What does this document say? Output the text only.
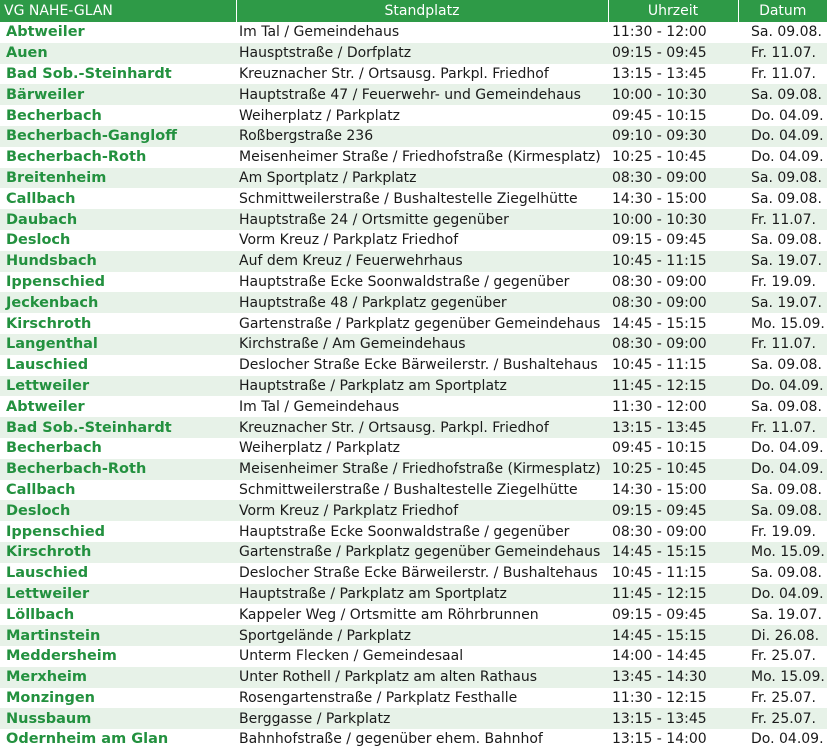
VG NAHE-GLAN	Standplatz	Uhrzeit	Datum
Abtweiler	Im Tal / Gemeindehaus	11:30 - 12:00	Sa. 09.08.
Auen	Hausptstraße / Dorfplatz	09:15 - 09:45	Fr. 11.07.
Bad Sob.-Steinhardt	Kreuznacher Str. / Ortsausg. Parkpl. Friedhof	13:15 - 13:45	Fr. 11.07.
Bärweiler	Hauptstraße 47 / Feuerwehr- und Gemeindehaus	10:00 - 10:30	Sa. 09.08.
Becherbach	Weiherplatz / Parkplatz	09:45 - 10:15	Do. 04.09.
Becherbach-Gangloff	Roßbergstraße 236	09:10 - 09:30	Do. 04.09.
Becherbach-Roth	Meisenheimer Straße / Friedhofstraße (Kirmesplatz)	10:25 - 10:45	Do. 04.09.
Breitenheim	Am Sportplatz / Parkplatz	08:30 - 09:00	Sa. 09.08.
Callbach	Schmittweilerstraße / Bushaltestelle Ziegelhütte	14:30 - 15:00	Sa. 09.08.
Daubach	Hauptstraße 24 / Ortsmitte gegenüber	10:00 - 10:30	Fr. 11.07.
Desloch	Vorm Kreuz / Parkplatz Friedhof	09:15 - 09:45	Sa. 09.08.
Hundsbach	Auf dem Kreuz / Feuerwehrhaus	10:45 - 11:15	Sa. 19.07.
Ippenschied	Hauptstraße Ecke Soonwaldstraße / gegenüber	08:30 - 09:00	Fr. 19.09.
Jeckenbach	Hauptstraße 48 / Parkplatz gegenüber	08:30 - 09:00	Sa. 19.07.
Kirschroth	Gartenstraße / Parkplatz gegenüber Gemeindehaus	14:45 - 15:15	Mo. 15.09.
Langenthal	Kirchstraße / Am Gemeindehaus	08:30 - 09:00	Fr. 11.07.
Lauschied	Deslocher Straße Ecke Bärweilerstr. / Bushaltehaus	10:45 - 11:15	Sa. 09.08.
Lettweiler	Hauptstraße / Parkplatz am Sportplatz	11:45 - 12:15	Do. 04.09.
Abtweiler	Im Tal / Gemeindehaus	11:30 - 12:00	Sa. 09.08.
Bad Sob.-Steinhardt	Kreuznacher Str. / Ortsausg. Parkpl. Friedhof	13:15 - 13:45	Fr. 11.07.
Becherbach	Weiherplatz / Parkplatz	09:45 - 10:15	Do. 04.09.
Becherbach-Roth	Meisenheimer Straße / Friedhofstraße (Kirmesplatz)	10:25 - 10:45	Do. 04.09.
Callbach	Schmittweilerstraße / Bushaltestelle Ziegelhütte	14:30 - 15:00	Sa. 09.08.
Desloch	Vorm Kreuz / Parkplatz Friedhof	09:15 - 09:45	Sa. 09.08.
Ippenschied	Hauptstraße Ecke Soonwaldstraße / gegenüber	08:30 - 09:00	Fr. 19.09.
Kirschroth	Gartenstraße / Parkplatz gegenüber Gemeindehaus	14:45 - 15:15	Mo. 15.09.
Lauschied	Deslocher Straße Ecke Bärweilerstr. / Bushaltehaus	10:45 - 11:15	Sa. 09.08.
Lettweiler	Hauptstraße / Parkplatz am Sportplatz	11:45 - 12:15	Do. 04.09.
Löllbach	Kappeler Weg / Ortsmitte am Röhrbrunnen	09:15 - 09:45	Sa. 19.07.
Martinstein	Sportgelände / Parkplatz	14:45 - 15:15	Di. 26.08.
Meddersheim	Unterm Flecken / Gemeindesaal	14:00 - 14:45	Fr. 25.07.
Merxheim	Unter Rothell / Parkplatz am alten Rathaus	13:45 - 14:30	Mo. 15.09.
Monzingen	Rosengartenstraße / Parkplatz Festhalle	11:30 - 12:15	Fr. 25.07.
Nussbaum	Berggasse / Parkplatz	13:15 - 13:45	Fr. 25.07.
Odernheim am Glan	Bahnhofstraße / gegenüber ehem. Bahnhof	13:15 - 14:00	Do. 04.09.
